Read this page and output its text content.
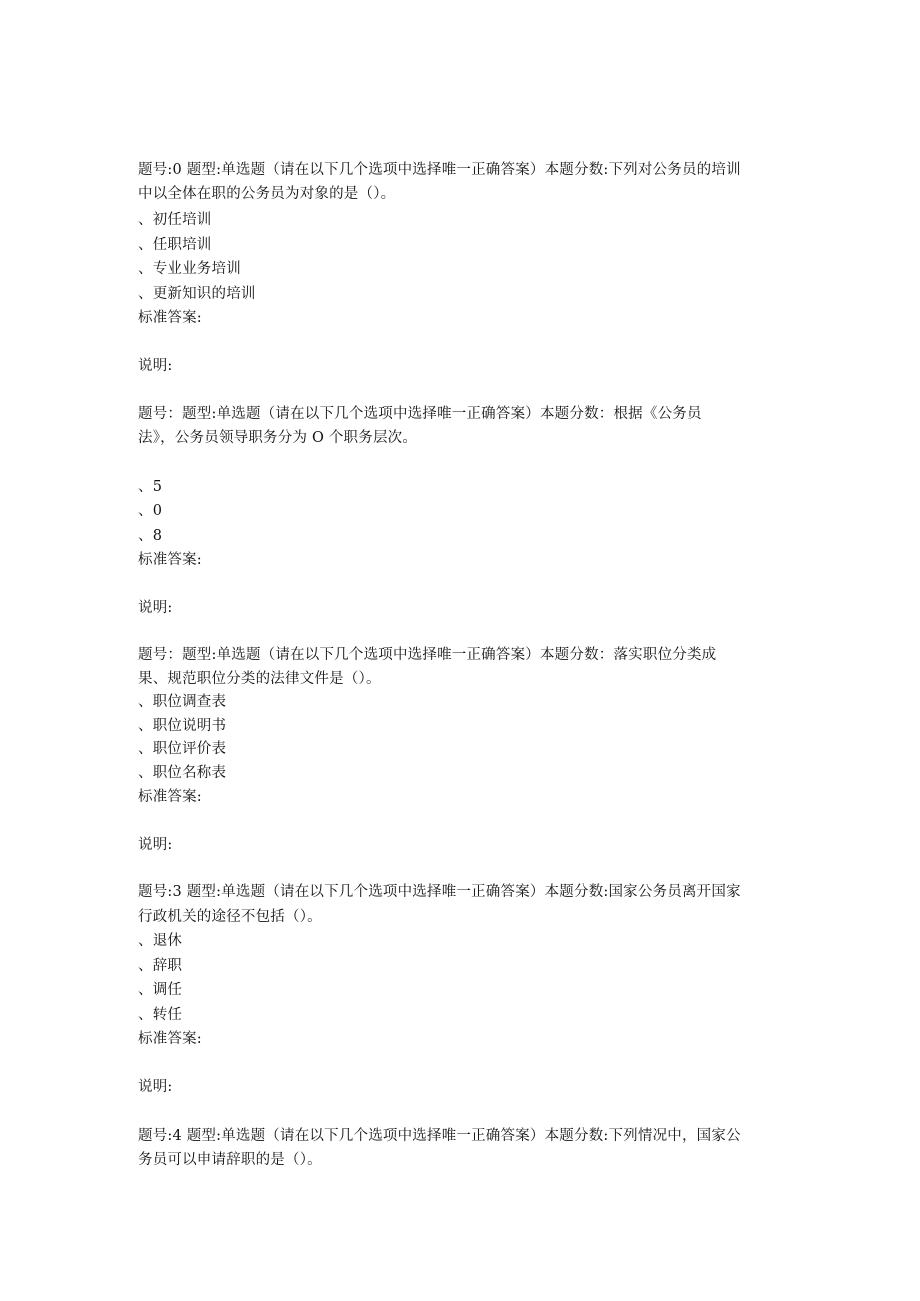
题号:0 题型:单选题（请在以下几个选项中选择唯一正确答案）本题分数:下列对公务员的培训
中以全体在职的公务员为对象的是（）。
、初任培训
、任职培训
、专业业务培训
、更新知识的培训
标准答案:
说明:
题号：题型:单选题（请在以下几个选项中选择唯一正确答案）本题分数：根据《公务员
法》，公务员领导职务分为 O 个职务层次。
、5
、0
、8
标准答案:
说明:
题号：题型:单选题（请在以下几个选项中选择唯一正确答案）本题分数：落实职位分类成
果、规范职位分类的法律文件是（）。
、职位调查表
、职位说明书
、职位评价表
、职位名称表
标准答案:
说明:
题号:3 题型:单选题（请在以下几个选项中选择唯一正确答案）本题分数:国家公务员离开国家
行政机关的途径不包括（）。
、退休
、辞职
、调任
、转任
标准答案:
说明:
题号:4 题型:单选题（请在以下几个选项中选择唯一正确答案）本题分数:下列情况中，国家公
务员可以申请辞职的是（）。
